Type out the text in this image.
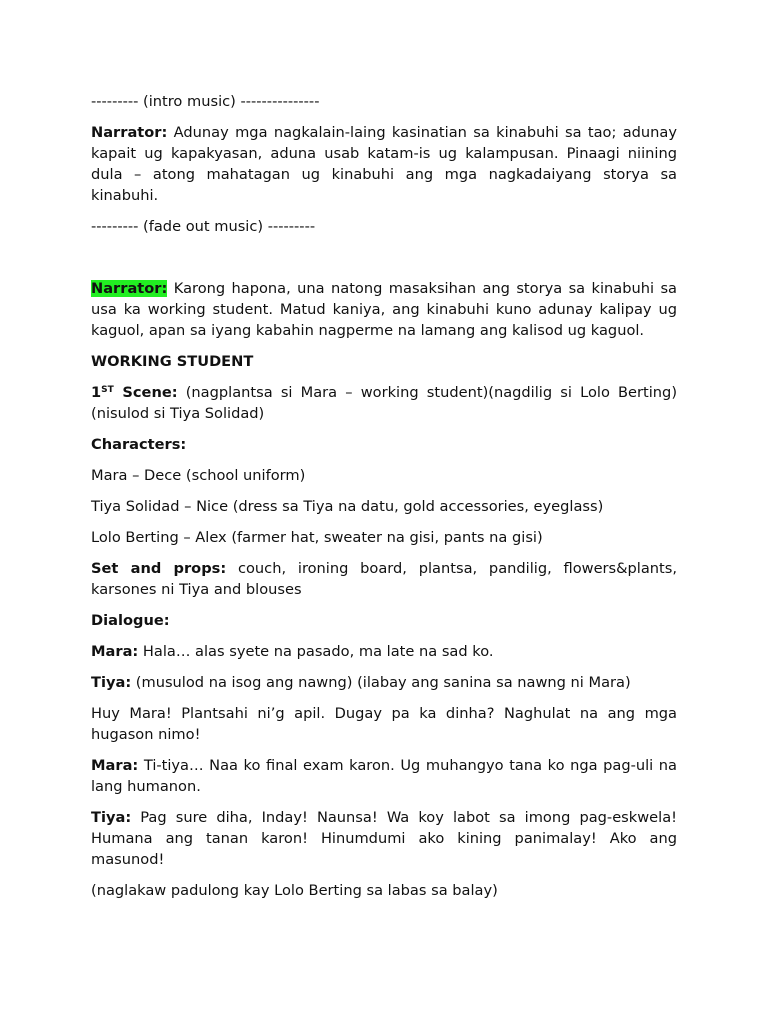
--------- (intro music) ---------------

Narrator: Adunay mga nagkalain-laing kasinatian sa kinabuhi sa tao; adunay kapait ug kapakyasan, aduna usab katam-is ug kalampusan. Pinaagi niining dula – atong mahatagan ug kinabuhi ang mga nagkadaiyang storya sa kinabuhi.

--------- (fade out music) ---------

Narrator: Karong hapona, una natong masaksihan ang storya sa kinabuhi sa usa ka working student. Matud kaniya, ang kinabuhi kuno adunay kalipay ug kaguol, apan sa iyang kabahin nagperme na lamang ang kalisod ug kaguol.

WORKING STUDENT

1ST Scene: (nagplantsa si Mara – working student)(nagdilig si Lolo Berting)(nisulod si Tiya Solidad)

Characters:

Mara – Dece (school uniform)

Tiya Solidad – Nice (dress sa Tiya na datu, gold accessories, eyeglass)

Lolo Berting – Alex (farmer hat, sweater na gisi, pants na gisi)

Set and props: couch, ironing board, plantsa, pandilig, flowers&plants, karsones ni Tiya and blouses

Dialogue:

Mara: Hala… alas syete na pasado, ma late na sad ko.

Tiya: (musulod na isog ang nawng) (ilabay ang sanina sa nawng ni Mara)

Huy Mara! Plantsahi ni’g apil. Dugay pa ka dinha? Naghulat na ang mga hugason nimo!

Mara: Ti-tiya… Naa ko final exam karon. Ug muhangyo tana ko nga pag-uli na lang humanon.

Tiya: Pag sure diha, Inday! Naunsa! Wa koy labot sa imong pag-eskwela! Humana ang tanan karon! Hinumdumi ako kining panimalay! Ako ang masunod!

(naglakaw padulong kay Lolo Berting sa labas sa balay)
